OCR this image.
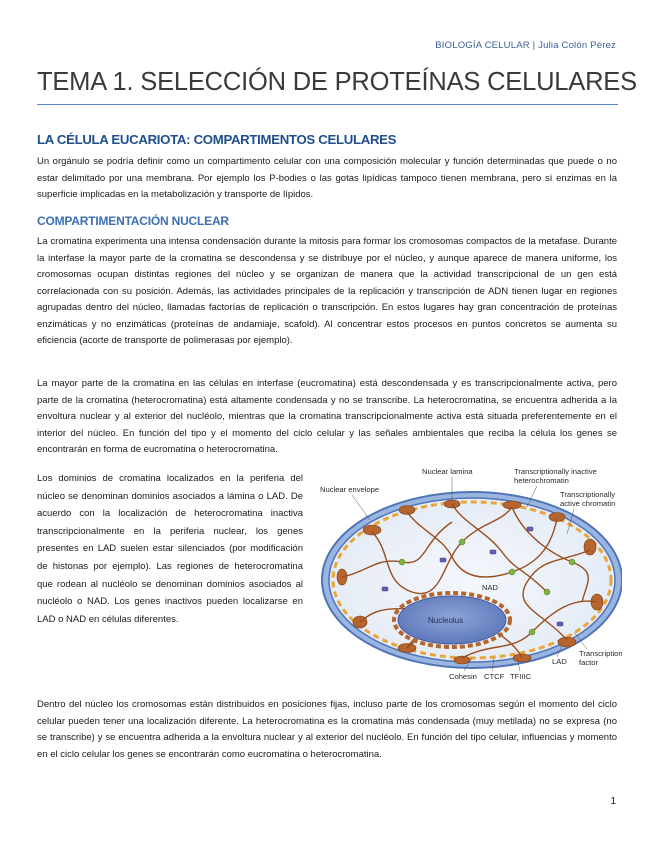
BIOLOGÍA CELULAR | Julia Colón Pérez
TEMA 1. SELECCIÓN DE PROTEÍNAS CELULARES
LA CÉLULA EUCARIOTA: COMPARTIMENTOS CELULARES

Un orgánulo se podría definir como un compartimento celular con una composición molecular y función determinadas que puede o no estar delimitado por una membrana. Por ejemplo los P-bodies o las gotas lipídicas tampoco tienen membrana, pero sí enzimas en la superficie implicadas en la metabolización y transporte de lípidos.

COMPARTIMENTACIÓN NUCLEAR

La cromatina experimenta una intensa condensación durante la mitosis para formar los cromosomas compactos de la metafase. Durante la interfase la mayor parte de la cromatina se descondensa y se distribuye por el núcleo, y aunque aparece de manera uniforme, los cromosomas ocupan distintas regiones del núcleo y se organizan de manera que la actividad transcripcional de un gen está correlacionada con su posición. Además, las actividades principales de la replicación y transcripción de ADN tienen lugar en regiones agrupadas dentro del núcleo, llamadas factorías de replicación o transcripción. En estos lugares hay gran concentración de proteínas enzimáticas y no enzimáticas (proteínas de andamiaje, scafold). Al concentrar estos procesos en puntos concretos se aumenta su eficiencia (acorte de transporte de polimerasas por ejemplo).

La mayor parte de la cromatina en las células en interfase (eucromatina) está descondensada y es transcripcionalmente activa, pero parte de la cromatina (heterocromatina) está altamente condensada y no se transcribe. La heterocromatina, se encuentra adherida a la envoltura nuclear y al exterior del nucléolo, mientras que la cromatina transcripcionalmente activa está situada preferentemente en el interior del núcleo. En función del tipo y el momento del ciclo celular y las señales ambientales que reciba la célula los genes se encontrarán en forma de eucromatina o heterocromatina.

Los dominios de cromatina localizados en la periferia del núcleo se denominan dominios asociados a lámina o LAD. De acuerdo con la localización de heterocromatina inactiva transcripcionalmente en la periferia nuclear, los genes presentes en LAD suelen estar silenciados (por modificación de histonas por ejemplo). Las regiones de heterocromatina que rodean al nucléolo se denominan dominios asociados al nucléolo o NAD. Los genes inactivos pueden localizarse en LAD o NAD en células diferentes.	Nucleolus
NAD
Nuclear lamina
Nuclear envelope
Transcriptionally inactive
heterochromatin
Transcriptionally
active chromatin
LAD
Transcription
factor
Cohesin CTCF TFIIIC

Dentro del núcleo los cromosomas están distribuidos en posiciones fijas, incluso parte de los cromosomas según el momento del ciclo celular pueden tener una localización diferente. La heterocromatina es la cromatina más condensada (muy metilada) no se expresa (no se transcribe) y se encuentra adherida a la envoltura nuclear y al exterior del nucléolo. En función del tipo celular, influencias y momento en el ciclo celular los genes se encontrarán como eucromatina o heterocromatina.

1
